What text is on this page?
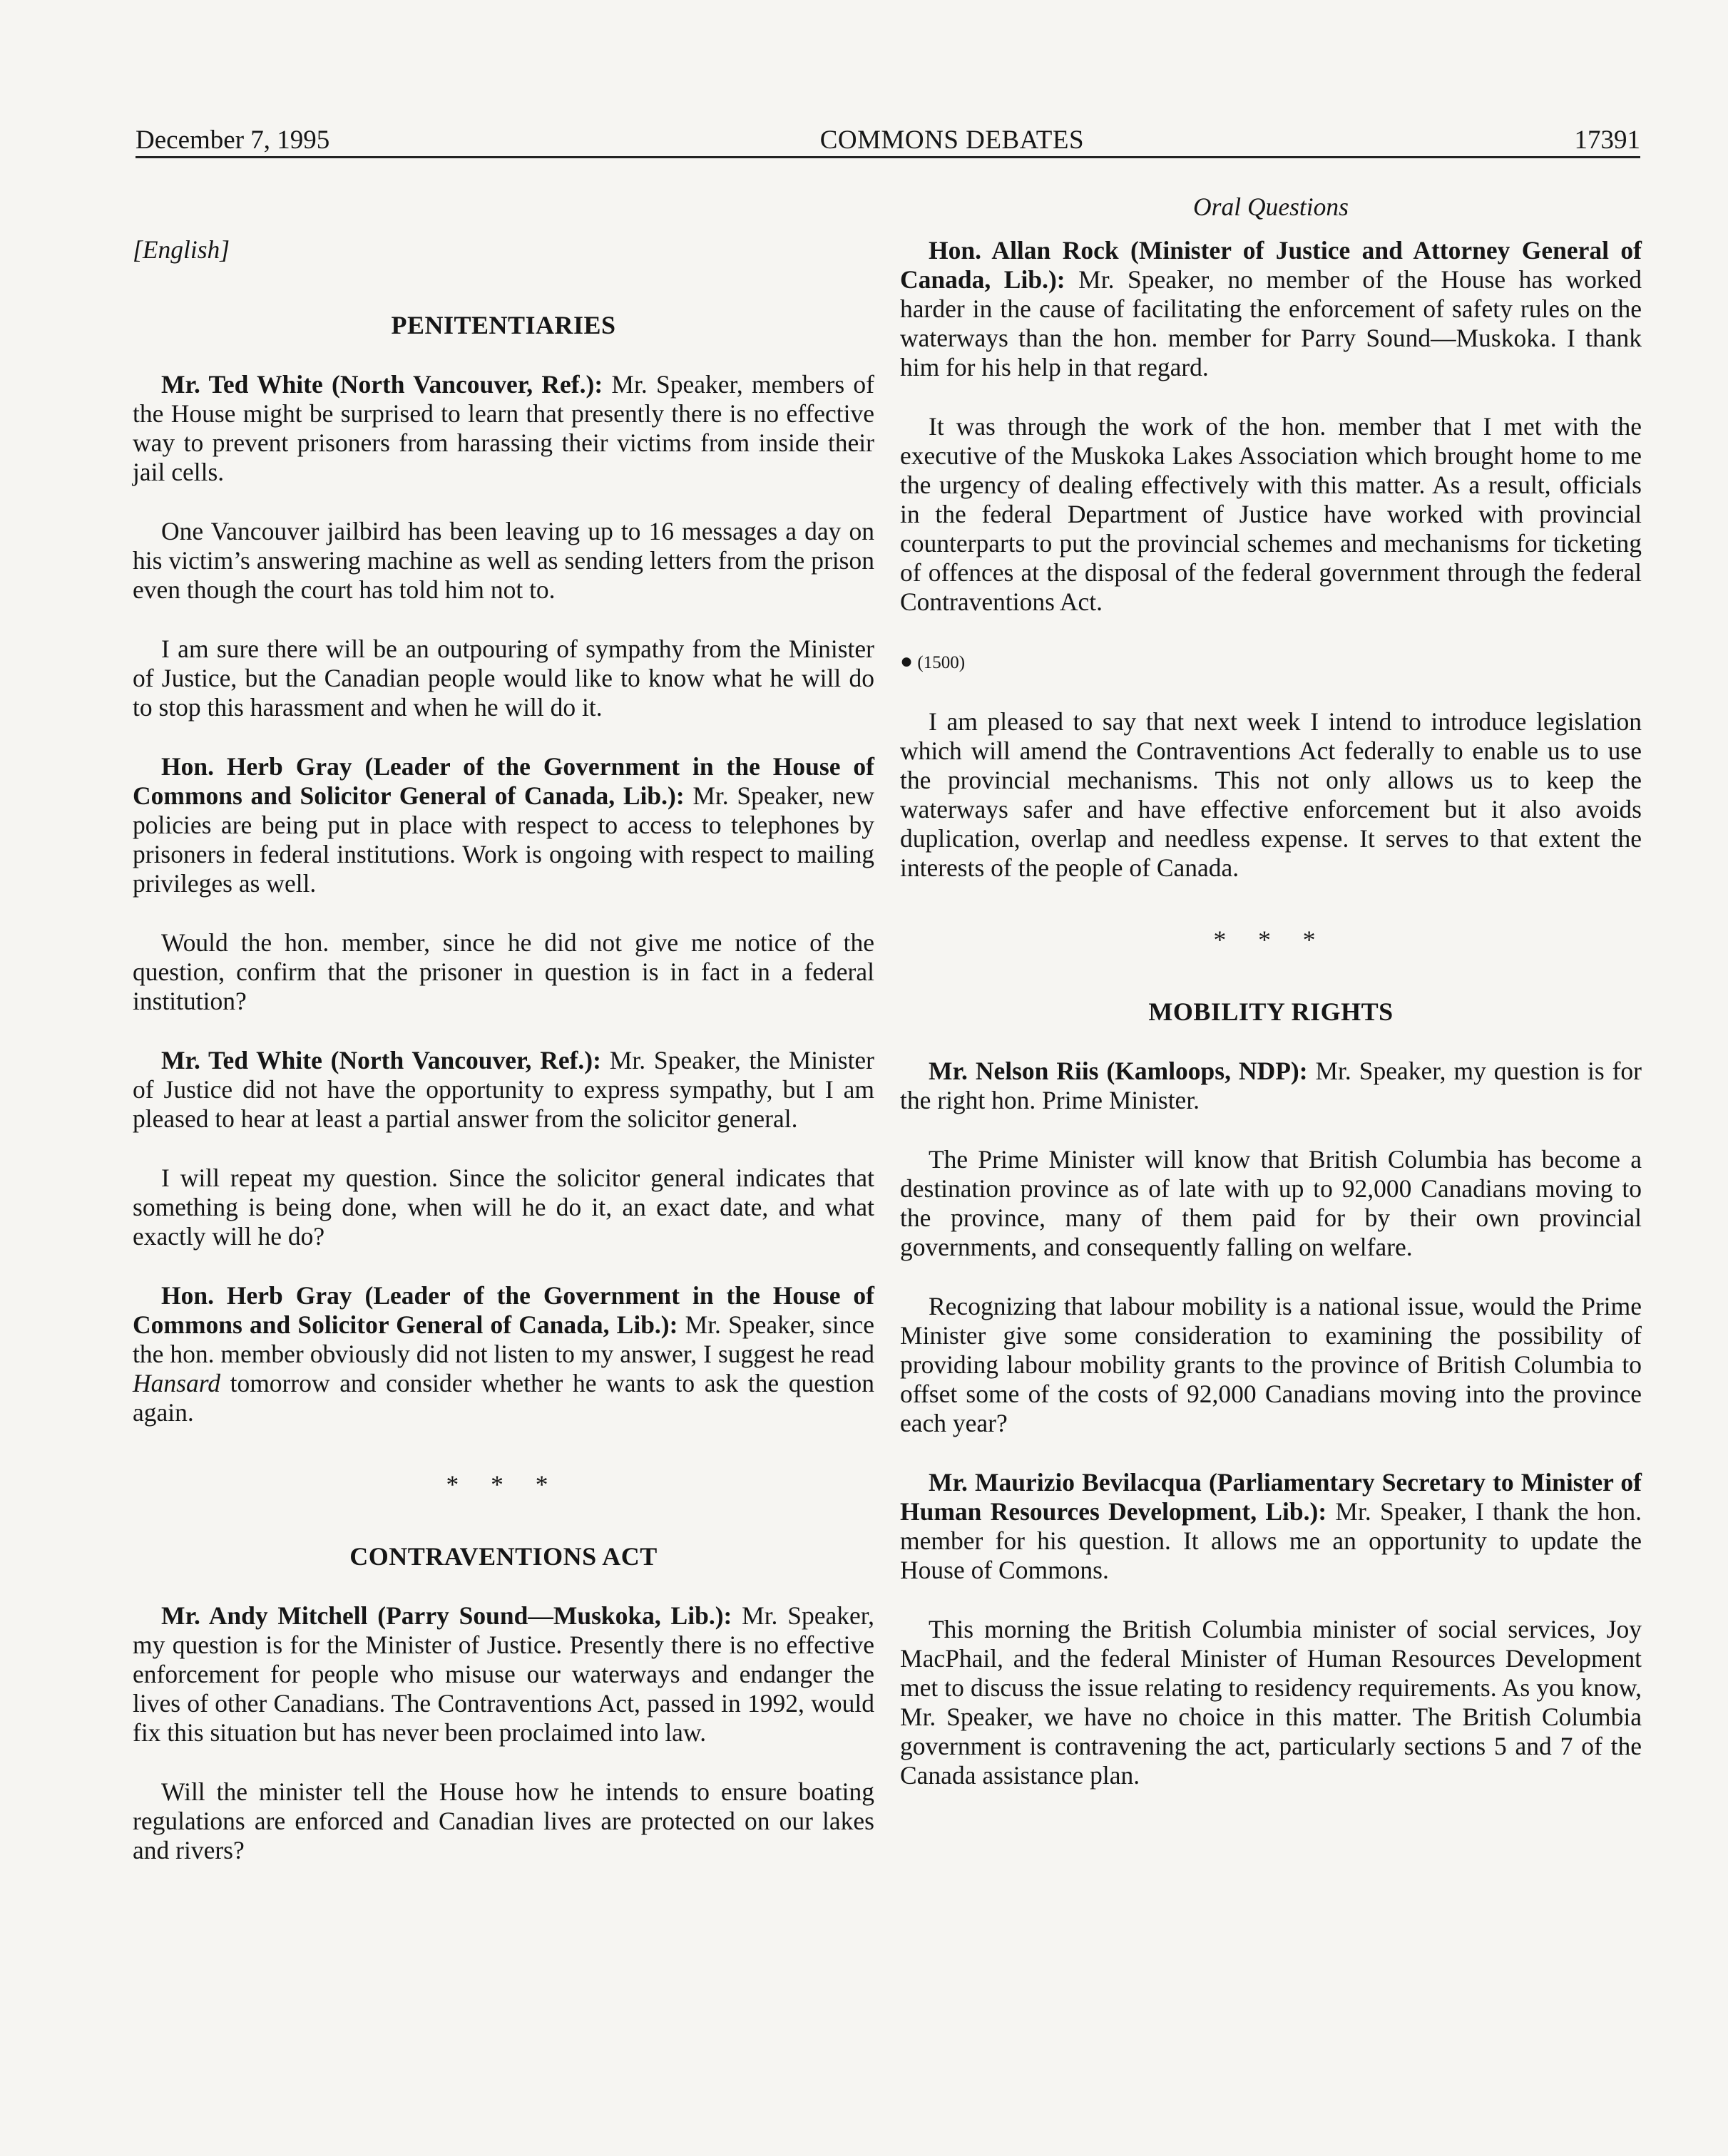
December 7, 1995	COMMONS DEBATES	17391
[English]
PENITENTIARIES

Mr. Ted White (North Vancouver, Ref.): Mr. Speaker, members of the House might be surprised to learn that presently there is no effective way to prevent prisoners from harassing their victims from inside their jail cells.

One Vancouver jailbird has been leaving up to 16 messages a day on his victim’s answering machine as well as sending letters from the prison even though the court has told him not to.

I am sure there will be an outpouring of sympathy from the Minister of Justice, but the Canadian people would like to know what he will do to stop this harassment and when he will do it.

Hon. Herb Gray (Leader of the Government in the House of Commons and Solicitor General of Canada, Lib.): Mr. Speaker, new policies are being put in place with respect to access to telephones by prisoners in federal institutions. Work is ongoing with respect to mailing privileges as well.

Would the hon. member, since he did not give me notice of the question, confirm that the prisoner in question is in fact in a federal institution?

Mr. Ted White (North Vancouver, Ref.): Mr. Speaker, the Minister of Justice did not have the opportunity to express sympathy, but I am pleased to hear at least a partial answer from the solicitor general.

I will repeat my question. Since the solicitor general indicates that something is being done, when will he do it, an exact date, and what exactly will he do?

Hon. Herb Gray (Leader of the Government in the House of Commons and Solicitor General of Canada, Lib.): Mr. Speaker, since the hon. member obviously did not listen to my answer, I suggest he read Hansard tomorrow and consider whether he wants to ask the question again.

* * *
CONTRAVENTIONS ACT

Mr. Andy Mitchell (Parry Sound—Muskoka, Lib.): Mr. Speaker, my question is for the Minister of Justice. Presently there is no effective enforcement for people who misuse our waterways and endanger the lives of other Canadians. The Contraventions Act, passed in 1992, would fix this situation but has never been proclaimed into law.

Will the minister tell the House how he intends to ensure boating regulations are enforced and Canadian lives are protected on our lakes and rivers?

Oral Questions

Hon. Allan Rock (Minister of Justice and Attorney General of Canada, Lib.): Mr. Speaker, no member of the House has worked harder in the cause of facilitating the enforcement of safety rules on the waterways than the hon. member for Parry Sound—Muskoka. I thank him for his help in that regard.

It was through the work of the hon. member that I met with the executive of the Muskoka Lakes Association which brought home to me the urgency of dealing effectively with this matter. As a result, officials in the federal Department of Justice have worked with provincial counterparts to put the provincial schemes and mechanisms for ticketing of offences at the disposal of the federal government through the federal Contraventions Act.

● (1500)

I am pleased to say that next week I intend to introduce legislation which will amend the Contraventions Act federally to enable us to use the provincial mechanisms. This not only allows us to keep the waterways safer and have effective enforcement but it also avoids duplication, overlap and needless expense. It serves to that extent the interests of the people of Canada.

* * *
MOBILITY RIGHTS

Mr. Nelson Riis (Kamloops, NDP): Mr. Speaker, my question is for the right hon. Prime Minister.

The Prime Minister will know that British Columbia has become a destination province as of late with up to 92,000 Canadians moving to the province, many of them paid for by their own provincial governments, and consequently falling on welfare.

Recognizing that labour mobility is a national issue, would the Prime Minister give some consideration to examining the possibility of providing labour mobility grants to the province of British Columbia to offset some of the costs of 92,000 Canadians moving into the province each year?

Mr. Maurizio Bevilacqua (Parliamentary Secretary to Minister of Human Resources Development, Lib.): Mr. Speaker, I thank the hon. member for his question. It allows me an opportunity to update the House of Commons.

This morning the British Columbia minister of social services, Joy MacPhail, and the federal Minister of Human Resources Development met to discuss the issue relating to residency requirements. As you know, Mr. Speaker, we have no choice in this matter. The British Columbia government is contravening the act, particularly sections 5 and 7 of the Canada assistance plan.
